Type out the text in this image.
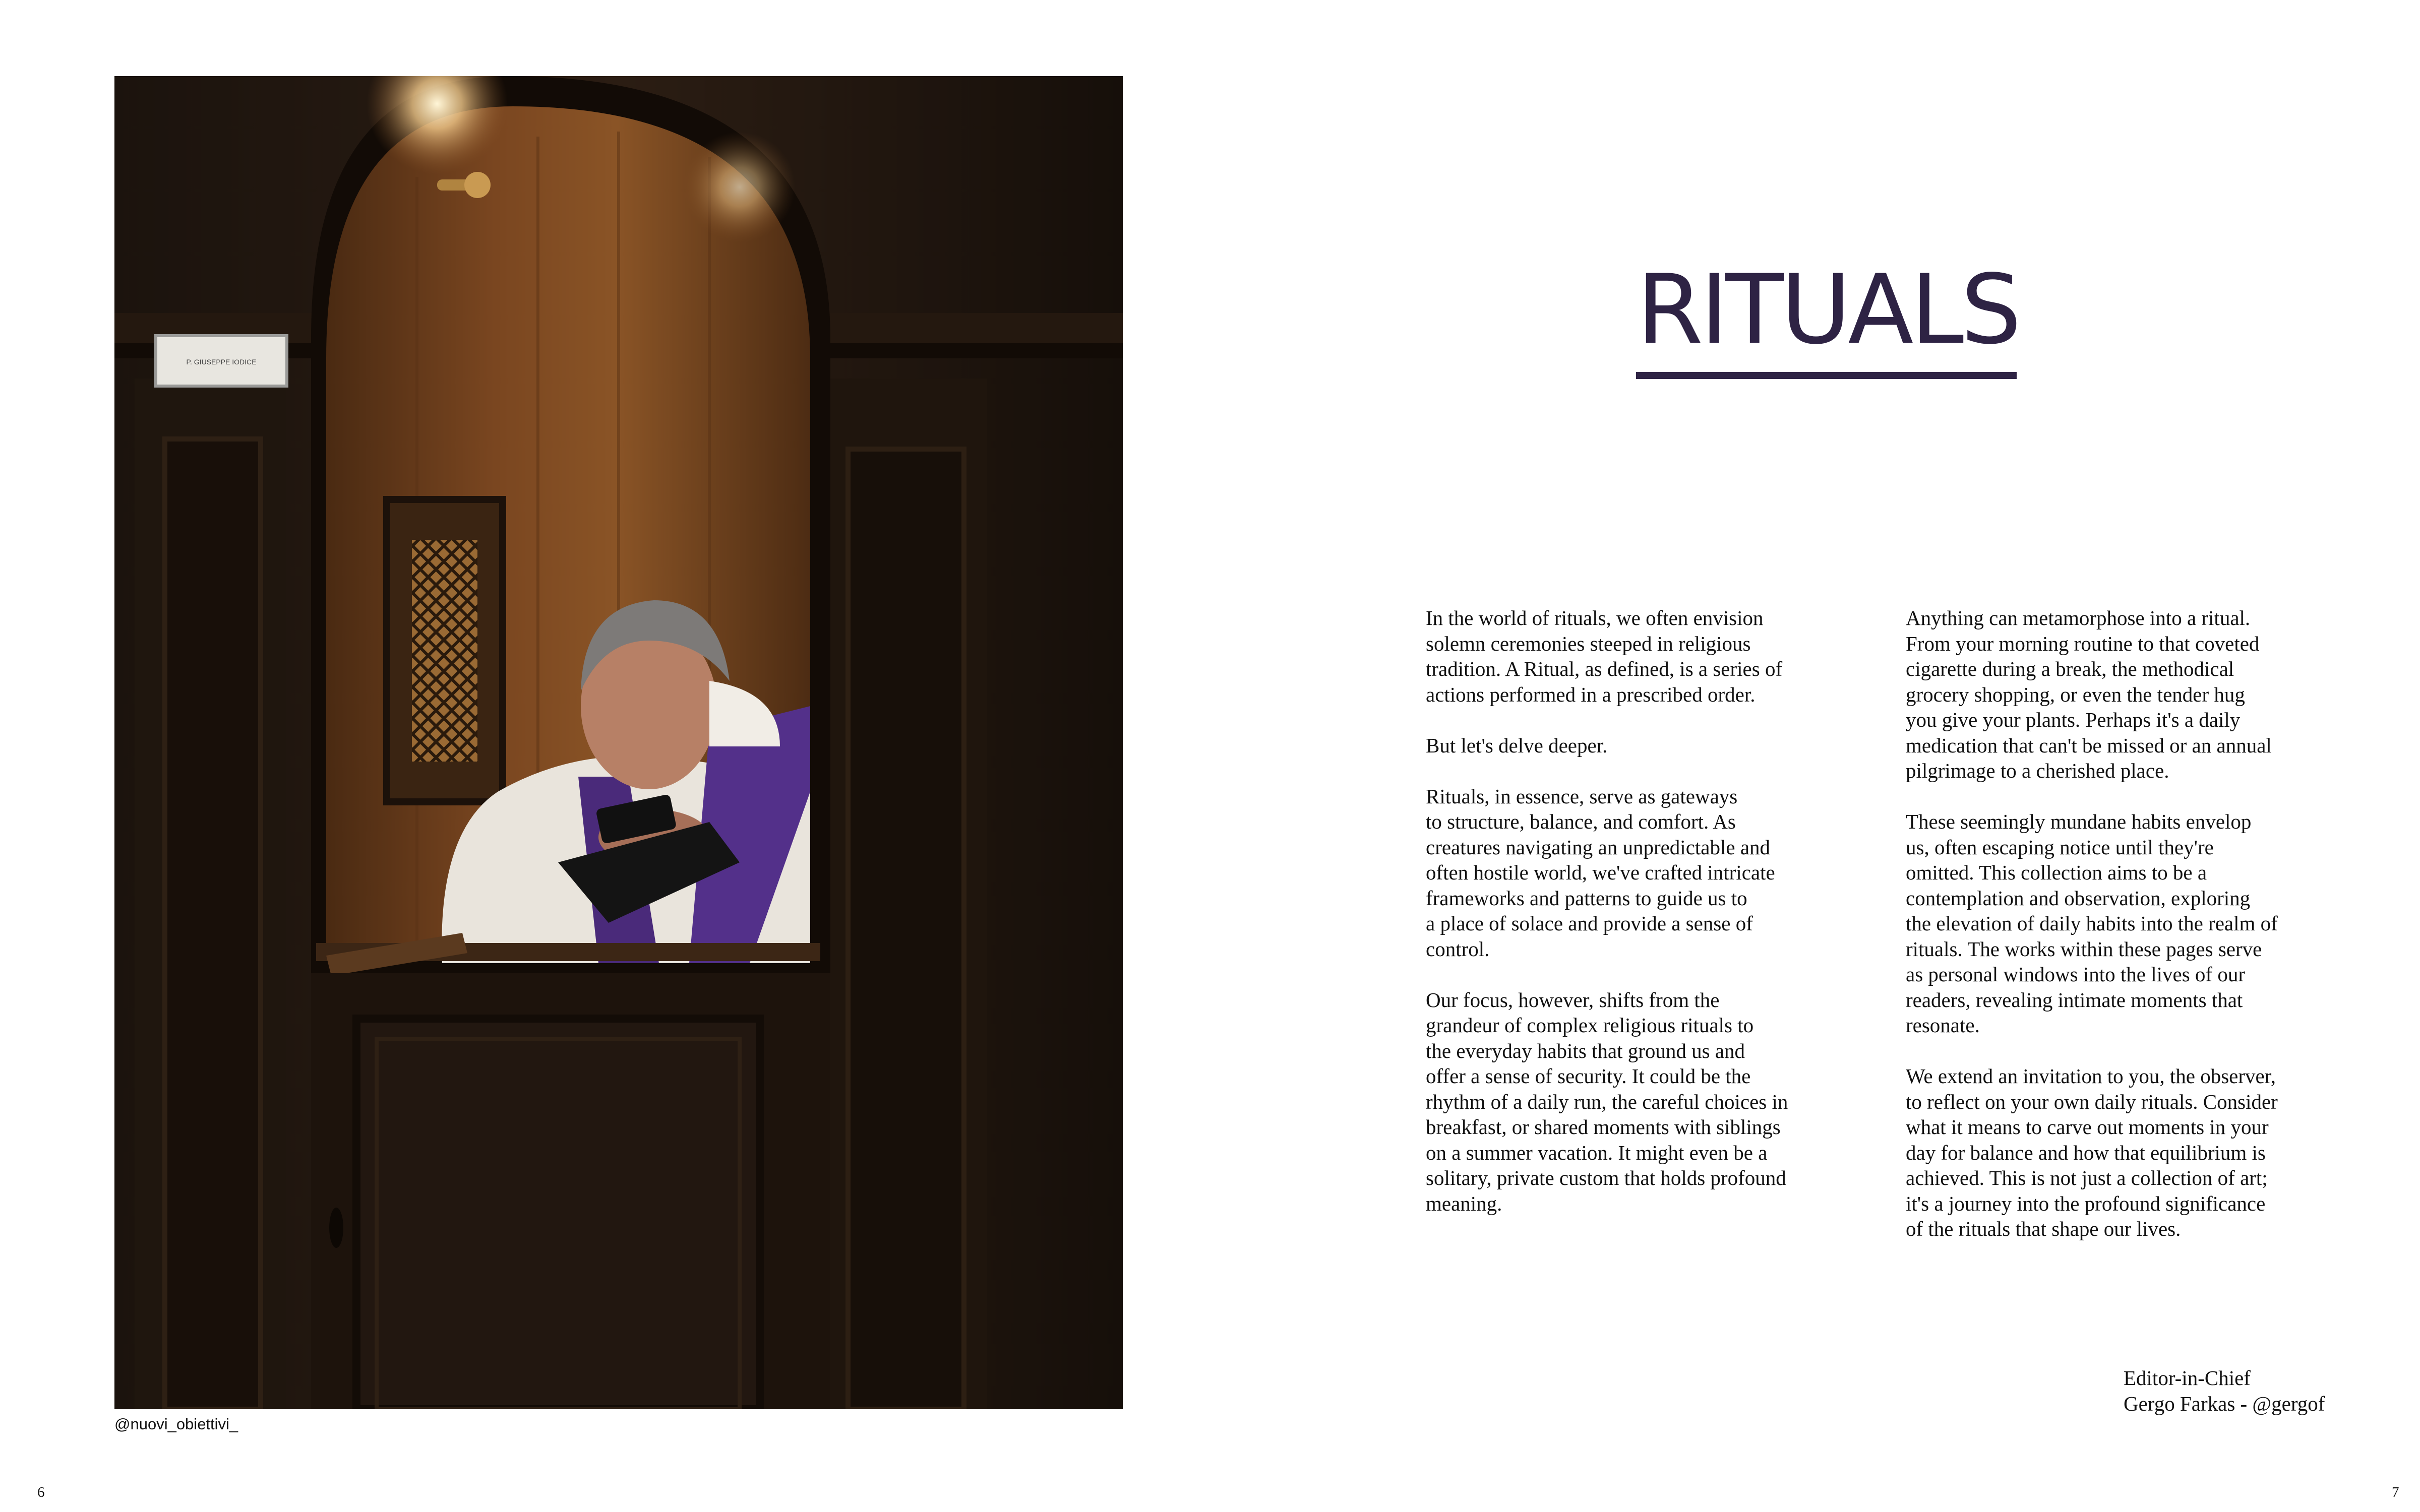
P. GIUSEPPE IODICE

@nuovi_obiettivi_

6
RITUALS

In the world of rituals, we often envision
solemn ceremonies steeped in religious
tradition. A Ritual, as defined, is a series of
actions performed in a prescribed order.

But let's delve deeper.

Rituals, in essence, serve as gateways
to structure, balance, and comfort. As
creatures navigating an unpredictable and
often hostile world, we've crafted intricate
frameworks and patterns to guide us to
a place of solace and provide a sense of
control.

Our focus, however, shifts from the
grandeur of complex religious rituals to
the everyday habits that ground us and
offer a sense of security. It could be the
rhythm of a daily run, the careful choices in
breakfast, or shared moments with siblings
on a summer vacation. It might even be a
solitary, private custom that holds profound
meaning.

Anything can metamorphose into a ritual.
From your morning routine to that coveted
cigarette during a break, the methodical
grocery shopping, or even the tender hug
you give your plants. Perhaps it's a daily
medication that can't be missed or an annual
pilgrimage to a cherished place.

These seemingly mundane habits envelop
us, often escaping notice until they're
omitted. This collection aims to be a
contemplation and observation, exploring
the elevation of daily habits into the realm of
rituals. The works within these pages serve
as personal windows into the lives of our
readers, revealing intimate moments that
resonate.

We extend an invitation to you, the observer,
to reflect on your own daily rituals. Consider
what it means to carve out moments in your
day for balance and how that equilibrium is
achieved. This is not just a collection of art;
it's a journey into the profound significance
of the rituals that shape our lives.

Editor-in-Chief
Gergo Farkas - @gergof
7
